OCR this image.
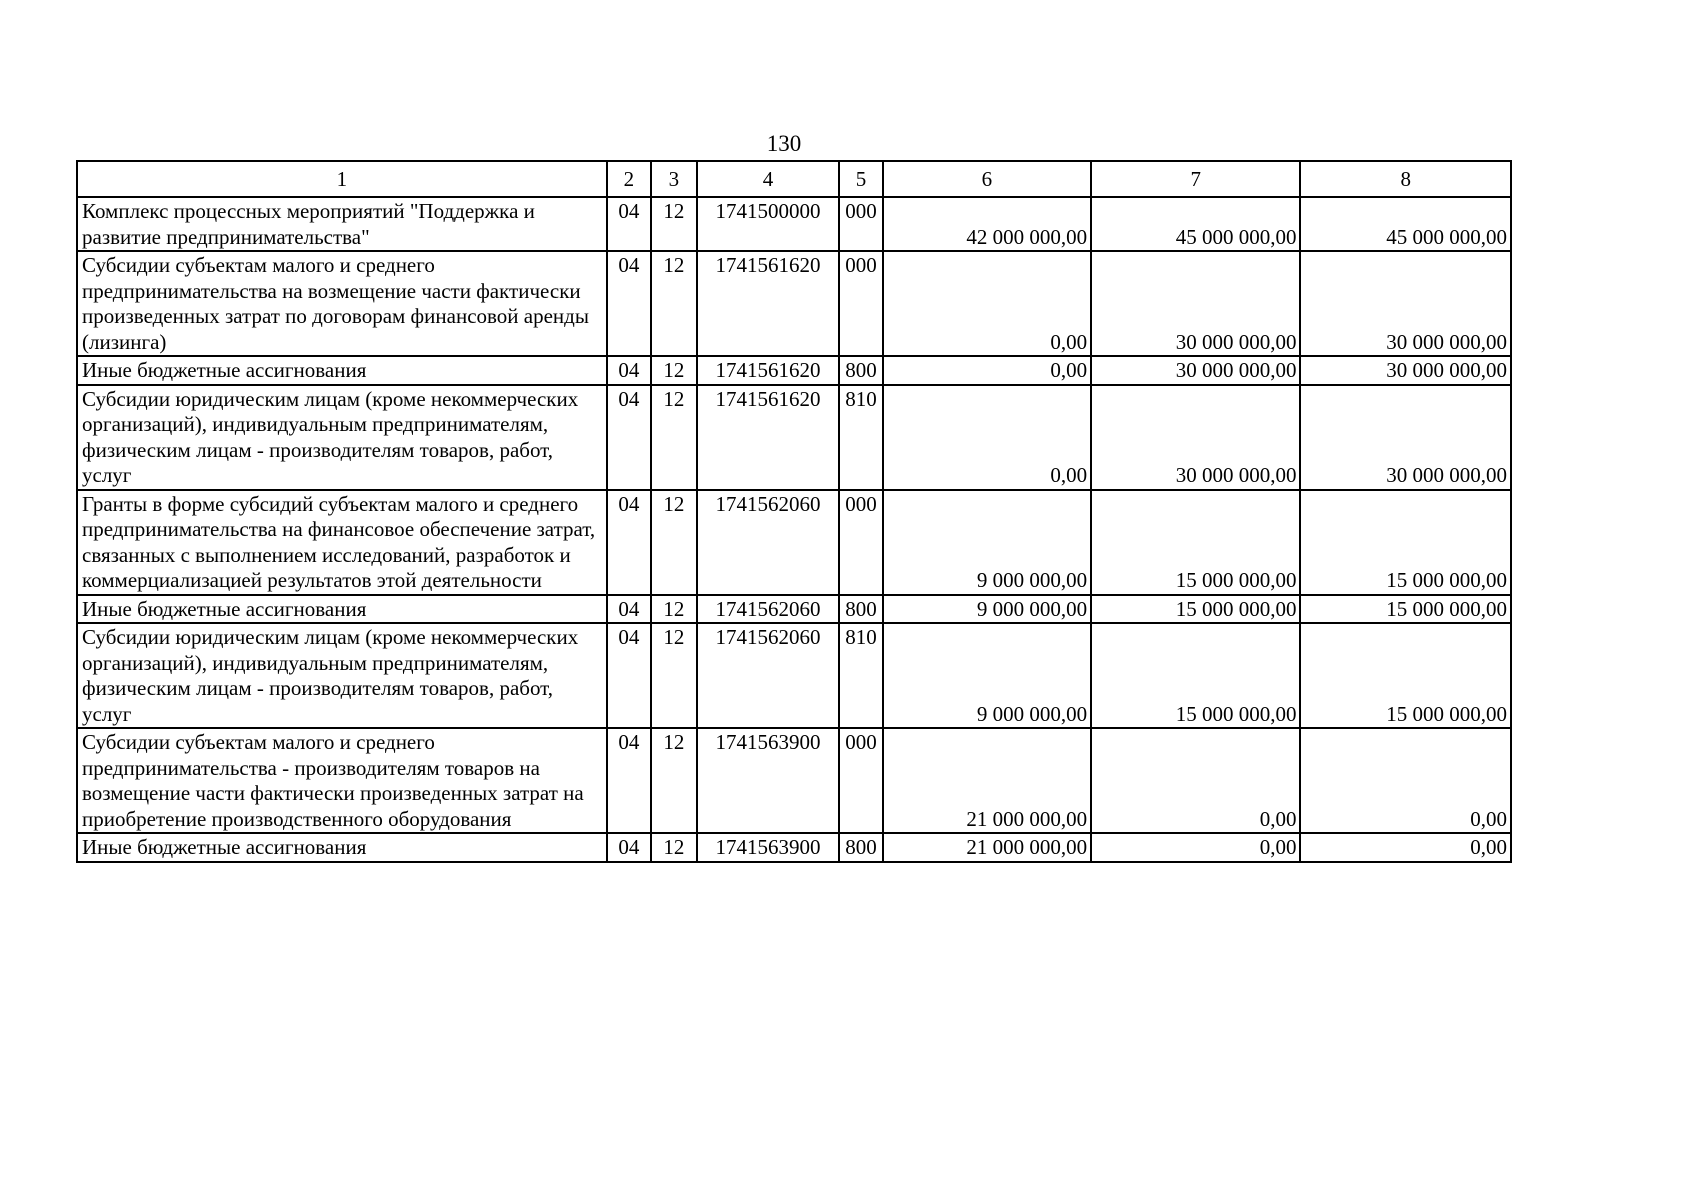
130
1	2	3	4	5	6	7	8
Комплекс процессных мероприятий "Поддержка и развитие предпринимательства"	04	12	1741500000	000	42 000 000,00	45 000 000,00	45 000 000,00
Субсидии субъектам малого и среднего предпринимательства на возмещение части фактически произведенных затрат по договорам финансовой аренды (лизинга)	04	12	1741561620	000	0,00	30 000 000,00	30 000 000,00
Иные бюджетные ассигнования	04	12	1741561620	800	0,00	30 000 000,00	30 000 000,00
Субсидии юридическим лицам (кроме некоммерческих организаций), индивидуальным предпринимателям, физическим лицам - производителям товаров, работ, услуг	04	12	1741561620	810	0,00	30 000 000,00	30 000 000,00
Гранты в форме субсидий субъектам малого и среднего предпринимательства на финансовое обеспечение затрат, связанных с выполнением исследований, разработок и коммерциализацией результатов этой деятельности	04	12	1741562060	000	9 000 000,00	15 000 000,00	15 000 000,00
Иные бюджетные ассигнования	04	12	1741562060	800	9 000 000,00	15 000 000,00	15 000 000,00
Субсидии юридическим лицам (кроме некоммерческих организаций), индивидуальным предпринимателям, физическим лицам - производителям товаров, работ, услуг	04	12	1741562060	810	9 000 000,00	15 000 000,00	15 000 000,00
Субсидии субъектам малого и среднего предпринимательства - производителям товаров на возмещение части фактически произведенных затрат на приобретение производственного оборудования	04	12	1741563900	000	21 000 000,00	0,00	0,00
Иные бюджетные ассигнования	04	12	1741563900	800	21 000 000,00	0,00	0,00
